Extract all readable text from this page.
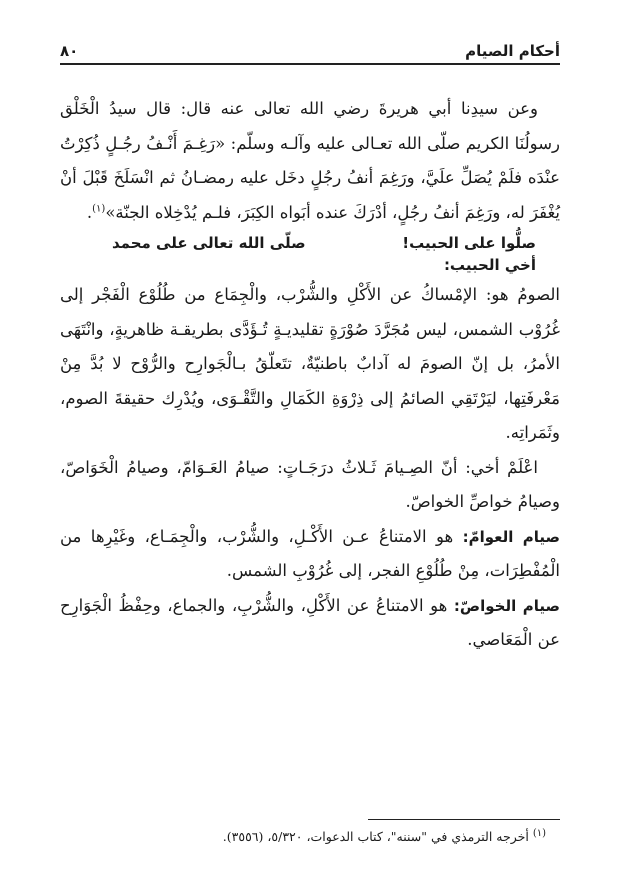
أحكام الصيام
٨٠

وعن سيدِنا أبي هريرةَ رضي الله تعالى عنه قال: قال سيدُ الْخَلْق رسولُنَا الكريم صلّى الله تعـالى عليه وآلـه وسلّم: «رَغِـمَ أَنْـفُ رجُـلٍ ذُكِرْتُ عنْدَه فلَمْ يُصَلِّ علَيَّ، ورَغِمَ أنفُ رجُلٍ دخَل عليه رمضـانُ ثم انْسَلَخَ قَبْلَ أنْ يُغْفَرَ له، ورَغِمَ أنفُ رجُلٍ، أدْرَكَ عنده أبَواه الكِبَرَ، فلـم يُدْخِلاه الجنّة»$^{(١)}$.

صلُّوا على الحبيب!
صلّى الله تعالى على محمد
أخي الحبيب:

الصومُ هو: الإمْساكُ عن الأَكْلِ والشُّرْب، والْجِمَاع من طُلُوْع الْفَجْر إلى غُرُوْب الشمس، ليس مُجَرَّدَ صُوْرَةٍ تقليديـةٍ تُـؤَدَّى بطريقـة ظاهريةٍ، وانْتَهَى الأمرُ، بل إنّ الصومَ له آدابٌ باطنيّةٌ، تتَعلّقُ بـالْجَوارِح والرُّوْح لا بُدَّ مِنْ مَعْرفَتِها، ليَرْتَقِي الصائمُ إلى ذِرْوَةِ الكَمَالِ والتَّقْـوَى، ويُدْرِك حقيقةَ الصوم، وثَمَراتِه.

اعْلَمْ أخي: أنّ الصِـيامَ ثَـلاثُ درَجَـاتٍ: صيامُ العَـوَامّ، وصيامُ الْخَوَاصّ، وصيامُ خواصِّ الخواصّ.

صيام العوامّ: هو الامتناعُ عـن الأَكْـلِ، والشُّرْب، والْجِمَـاع، وغَيْرِها من الْمُفْطِرَات، مِنْ طُلُوْعِ الفجر، إلى غُرُوْبِ الشمس.

صيام الخواصّ: هو الامتناعُ عن الأَكْلِ، والشُّرْبِ، والجماع، وحِفْظُ الْجَوَارِح عن الْمَعَاصي.

$^{(١)}$ أخرجه الترمذي في "سننه"، كتاب الدعوات، ٥/٣٢٠، (٣٥٥٦).
